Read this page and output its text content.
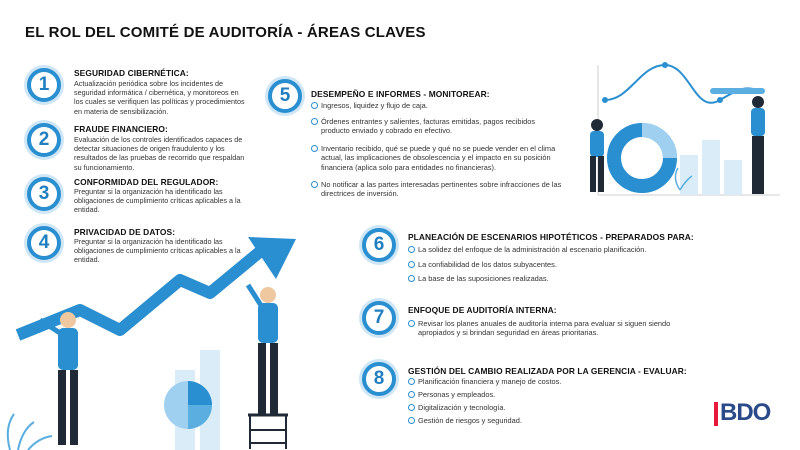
EL ROL DEL COMITÉ DE AUDITORÍA - ÁREAS CLAVES
1
SEGURIDAD CIBERNÉTICA:
Actualización periódica sobre los incidentes de seguridad informática / cibernética, y monitoreos en los cuales se verifiquen las políticas y procedimientos en materia de sensibilización.
2	FRAUDE FINANCIERO:
Evaluación de los controles identificados capaces de detectar situaciones de origen fraudulento y los resultados de las pruebas de recorrido que respaldan su funcionamiento.
3
CONFORMIDAD DEL REGULADOR:
Preguntar si la organización ha identificado las obligaciones de cumplimiento críticas aplicables a la entidad.
4	PRIVACIDAD DE DATOS:
Preguntar si la organización ha identificado las obligaciones de cumplimiento críticas aplicables a la entidad.
5	DESEMPEÑO E INFORMES - MONITOREAR:
Ingresos, liquidez y flujo de caja.
Órdenes entrantes y salientes, facturas emitidas, pagos recibidos producto enviado y cobrado en efectivo.
Inventario recibido, qué se puede y qué no se puede vender en el clima actual, las implicaciones de obsolescencia y el impacto en su posición financiera (aplica solo para entidades no financieras).
No notificar a las partes interesadas pertinentes sobre infracciones de las directrices de inversión.
6	PLANEACIÓN DE ESCENARIOS HIPOTÉTICOS - PREPARADOS PARA:
La solidez del enfoque de la administración al escenario planificación.
La confiabilidad de los datos subyacentes.
La base de las suposiciones realizadas.
7	ENFOQUE DE AUDITORÍA INTERNA:
Revisar los planes anuales de auditoría interna para evaluar si siguen siendo apropiados y si brindan seguridad en áreas prioritarias.
8	GESTIÓN DEL CAMBIO REALIZADA POR LA GERENCIA - EVALUAR:
Planificación financiera y manejo de costos.
Personas y empleados.
Digitalización y tecnología.
Gestión de riesgos y seguridad.	BDO
